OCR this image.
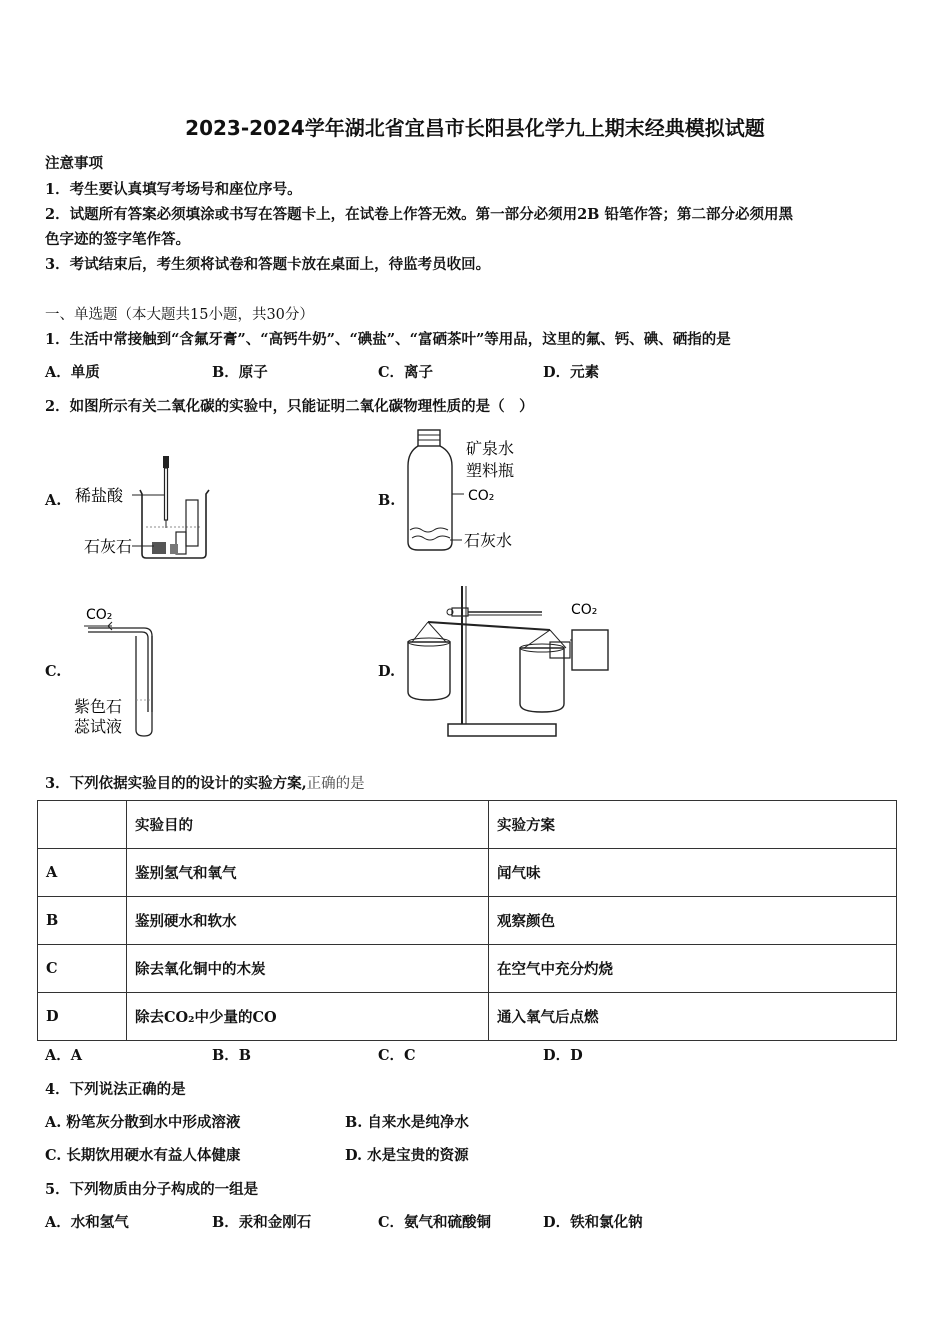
2023-2024学年湖北省宜昌市长阳县化学九上期末经典模拟试题
注意事项
1．考生要认真填写考场号和座位序号。
2．试题所有答案必须填涂或书写在答题卡上，在试卷上作答无效。第一部分必须用2B 铅笔作答；第二部分必须用黑
色字迹的签字笔作答。
3．考试结束后，考生须将试卷和答题卡放在桌面上，待监考员收回。
一、单选题（本大题共15小题，共30分）
1．生活中常接触到“含氟牙膏”、“高钙牛奶”、“碘盐”、“富硒茶叶”等用品，这里的氟、钙、碘、硒指的是
A．单质	B．原子	C．离子	D．元素
2．如图所示有关二氧化碳的实验中，只能证明二氧化碳物理性质的是（　）
A.	B.
C.	D.
稀盐酸
石灰石
矿泉水
塑料瓶
CO₂
石灰水
CO₂
紫色石
蕊试液
CO₂
3．下列依据实验目的的设计的实验方案,正确的是
	实验目的	实验方案
A	鉴别氢气和氧气	闻气味
B	鉴别硬水和软水	观察颜色
C	除去氧化铜中的木炭	在空气中充分灼烧
D	除去CO₂中少量的CO	通入氧气后点燃
A．A	B．B	C．C	D．D
4．下列说法正确的是
A. 粉笔灰分散到水中形成溶液	B. 自来水是纯净水
C. 长期饮用硬水有益人体健康	D. 水是宝贵的资源
5．下列物质由分子构成的一组是
A．水和氢气	B．汞和金刚石	C．氨气和硫酸铜	D．铁和氯化钠
